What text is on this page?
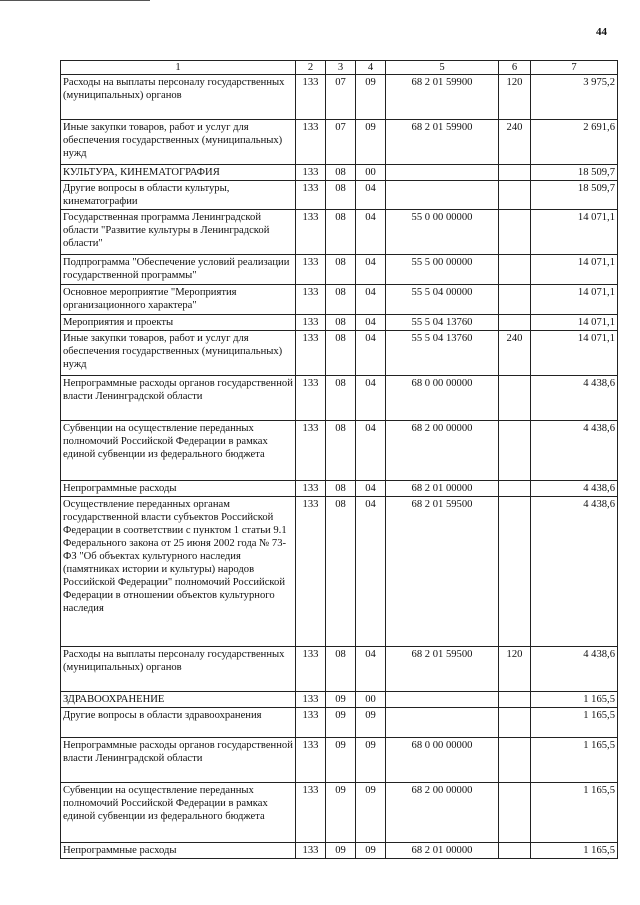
44
1	2	3	4	5	6	7
Расходы на выплаты персоналу государственных (муниципальных) органов	133	07	09	68 2 01 59900	120	3 975,2
Иные закупки товаров, работ и услуг для обеспечения государственных (муниципальных) нужд	133	07	09	68 2 01 59900	240	2 691,6
КУЛЬТУРА, КИНЕМАТОГРАФИЯ	133	08	00			18 509,7
Другие вопросы в области культуры, кинематографии	133	08	04			18 509,7
Государственная программа Ленинградской области "Развитие культуры в Ленинградской области"	133	08	04	55 0 00 00000		14 071,1
Подпрограмма "Обеспечение условий реализации государственной программы"	133	08	04	55 5 00 00000		14 071,1
Основное мероприятие "Мероприятия организационного характера"	133	08	04	55 5 04 00000		14 071,1
Мероприятия и проекты	133	08	04	55 5 04 13760		14 071,1
Иные закупки товаров, работ и услуг для обеспечения государственных (муниципальных) нужд	133	08	04	55 5 04 13760	240	14 071,1
Непрограммные расходы органов государственной власти Ленинградской области	133	08	04	68 0 00 00000		4 438,6
Субвенции на осуществление переданных полномочий Российской Федерации в рамках единой субвенции из федерального бюджета	133	08	04	68 2 00 00000		4 438,6
Непрограммные расходы	133	08	04	68 2 01 00000		4 438,6
Осуществление переданных органам государственной власти субъектов Российской Федерации в соответствии с пунктом 1 статьи 9.1 Федерального закона от 25 июня 2002 года № 73-ФЗ "Об объектах культурного наследия (памятниках истории и культуры) народов Российской Федерации" полномочий Российской Федерации в отношении объектов культурного наследия	133	08	04	68 2 01 59500		4 438,6
Расходы на выплаты персоналу государственных (муниципальных) органов	133	08	04	68 2 01 59500	120	4 438,6
ЗДРАВООХРАНЕНИЕ	133	09	00			1 165,5
Другие вопросы в области здравоохранения	133	09	09			1 165,5
Непрограммные расходы органов государственной власти Ленинградской области	133	09	09	68 0 00 00000		1 165,5
Субвенции на осуществление переданных полномочий Российской Федерации в рамках единой субвенции из федерального бюджета	133	09	09	68 2 00 00000		1 165,5
Непрограммные расходы	133	09	09	68 2 01 00000		1 165,5
